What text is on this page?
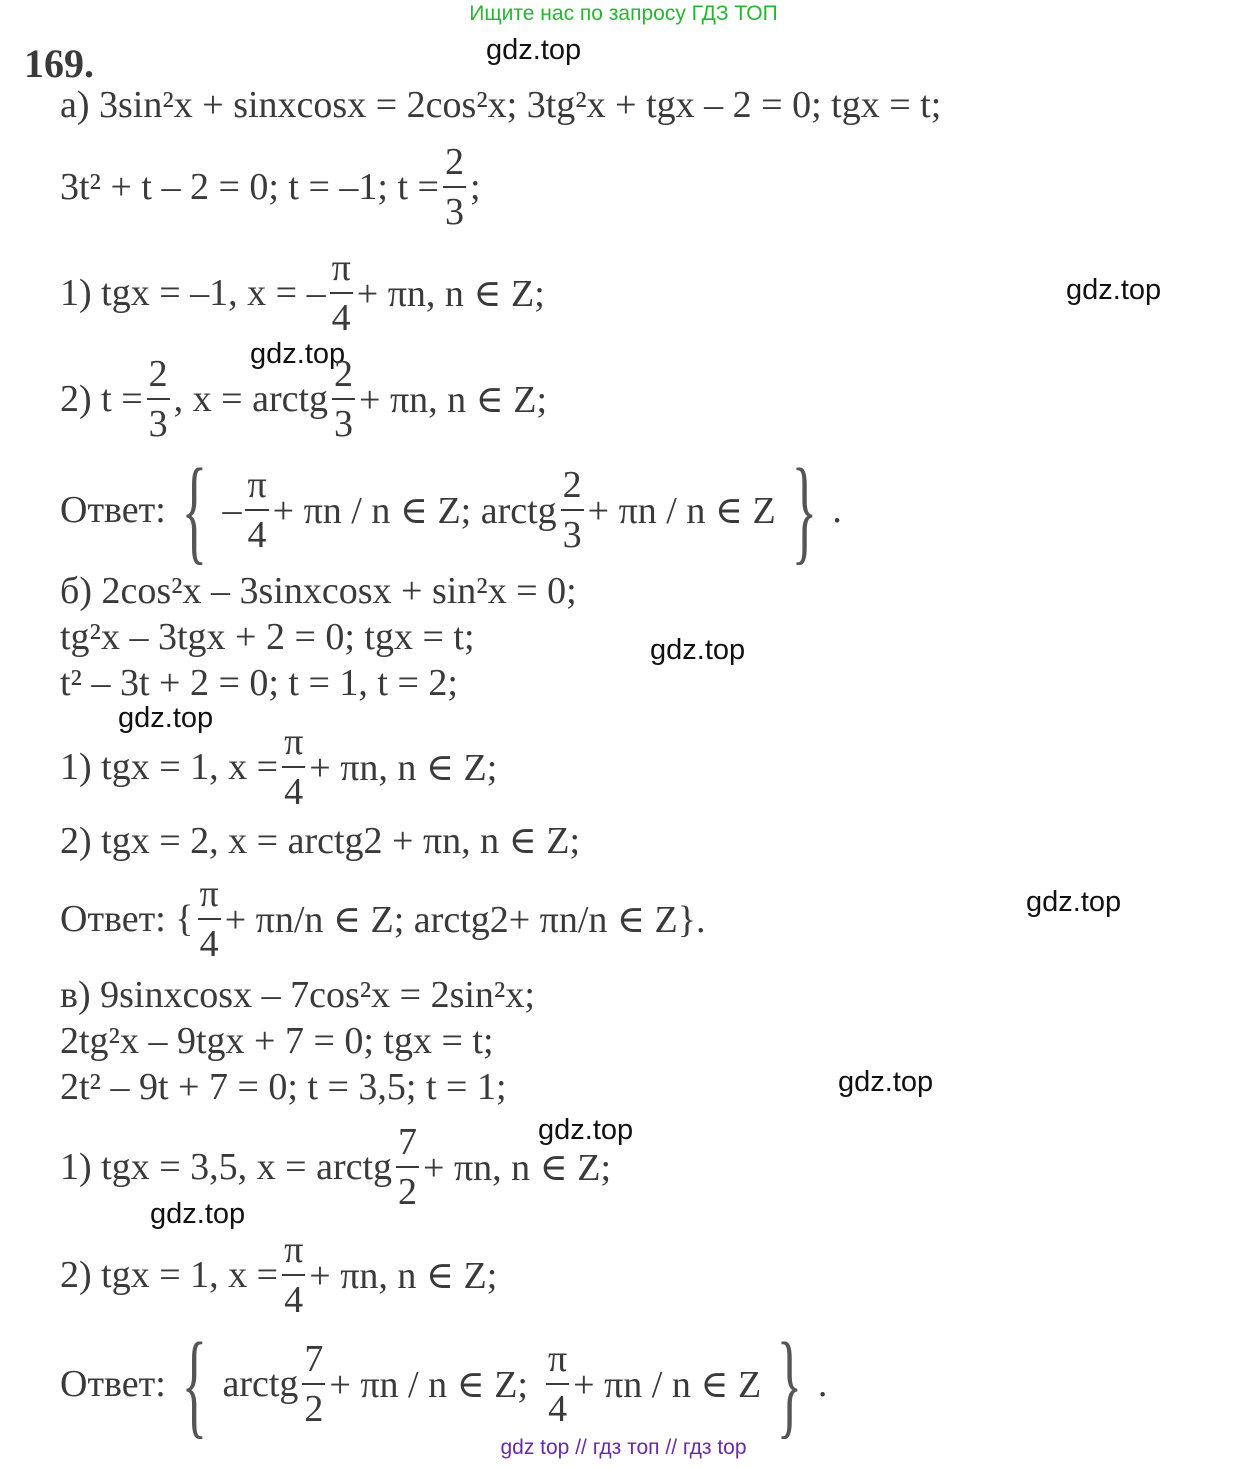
Ищите нас по запросу ГДЗ ТОП
169.	gdz.top
gdz.top
gdz.top
gdz.top
gdz.top
gdz.top
gdz.top
gdz.top
gdz.top
а) 3sin²x + sinxcosx = 2cos²x; 3tg²x + tgx – 2 = 0; tgx = t;
3t² + t – 2 = 0; t = –1; $t = \frac{2}{3}$ ;
1) tgx = –1, x = – $\frac{\pi}{4} + \pi n$, n ∈ Z;
2) $t = \frac{2}{3}$ , x = arctg $\frac{2}{3} + \pi n$, n ∈ Z;
Ответ: { – $\frac{\pi}{4} + \pi n / n$ ∈ Z; arctg $\frac{2}{3} + \pi n / n$ ∈ Z } .
б) 2cos²x – 3sinxcosx + sin²x = 0;
tg²x – 3tgx + 2 = 0; tgx = t;
t² – 3t + 2 = 0; t = 1, t = 2;
1) tgx = 1, $x = \frac{\pi}{4} + \pi n$, n ∈ Z;
2) tgx = 2, x = arctg2 + πn, n ∈ Z;
Ответ: { $\frac{\pi}{4} + \pi n/n$ ∈ Z; arctg2+ πn/n ∈ Z}.
в) 9sinxcosx – 7cos²x = 2sin²x;
2tg²x – 9tgx + 7 = 0; tgx = t;
2t² – 9t + 7 = 0; t = 3,5; t = 1;
1) tgx = 3,5, x = arctg $\frac{7}{2} + \pi n$, n ∈ Z;
2) tgx = 1, $x = \frac{\pi}{4} + \pi n$, n ∈ Z;
Ответ: { arctg $\frac{7}{2} + \pi n / n$ ∈ Z; $\frac{\pi}{4} + \pi n / n$ ∈ Z } .
gdz top // гдз топ // гдз top
